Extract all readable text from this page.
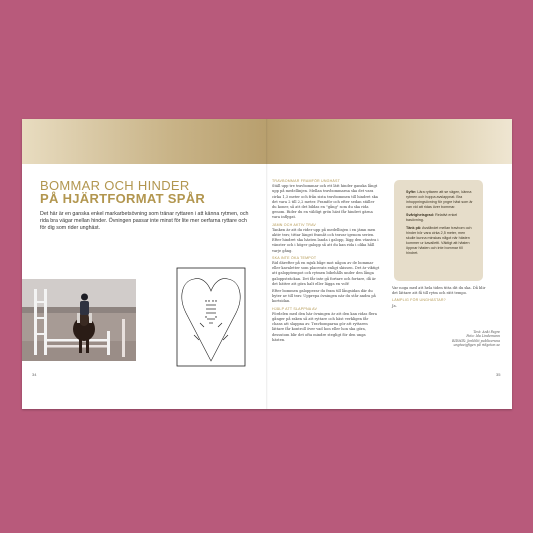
BOMMAR OCH HINDER
PÅ HJÄRTFORMAT SPÅR
Det här är en ganska enkel markarbetsövning som tränar ryttaren i att känna rytmen, och rida bra vägar mellan hinder. Övningen passar inte minst för lite mer oerfarna ryttare och för dig som rider unghäst.
34
TRAVBOMMAR FRAMFÖR UNGHÄST

Ställ upp tre travbommar och ett lätt hinder ganska långt upp på medellinjen. Mellan travbommarna ska det vara cirka 1,3 meter och från sista travbommen till hindret ska det vara 2 till 2,2 meter. Framför och efter sedan ställer du koner, så att det bildas en "gång" som du ska rida genom. Rider du en väldigt grön häst får hindret gärna vara inflygat.

JÄMN OCH AKTIV TRAV

Tanken är att du rider upp på medellinjen i en jämn men aktiv trav, tittar längst framåt och travar igenom serien. Efter hindret ska hästen landa i galopp, lägg den vänstra i vänster och i höger galopp så att du kan rida i olika håll varje gång.

SKA INTE ÖKA TEMPOT

Rid därefter på en mjuk båge mot någon av de bommar eller kavaletter som placerats enligt skissen. Det är viktigt att galopptempot och rytmen bibehålls under den långa galoppsträckan. Det får inte gå fortare och fortare, då är det bättre att göra halt eller lägga en volt!

Efter bommen galopperar du fram till långsidan där du byter av till trav. Upprepa övningen när du står andra på kortsidan.

HJÄLP ATT SLAPPNA AV

Fördelen med den här övningen är att den kan ridas flera gånger på raken så att ryttare och häst verkligen får chans att slappna av. Travbomparna gör att ryttaren lättare får kontroll över vad hon eller hon ska göra, dessutom blir det ofta mindre stegligt för den unga hästen.

Syfte: Lära ryttaren att se vägen, känna rytmen och hoppa avslappnat. Bra inhoppningsövning för yngre häst som är van vid att ridas över bommar.

Svårighetsgrad: Relativt enkel basövning.

Tänk på: Avståndet mellan travbom och hinder bör vara cirka 2,5 meter, men skulle kunna minskas något när hästen kommer ur kavalletti. Väktigt att hästen öppnar hästen och inte bommar till hindret.

Var noga med att hela tiden titta dit du ska. Då blir det lättare att få till rytm och rätt tempo.

LÄMPLIG FÖR UNGHÄSTAR?

Ja.

Text: Anki Fagre
Foto: Ida Lindemann
RIDMIX: Jenkhlit publiceruna
ungtavigfigen på ridgeton.se
35
